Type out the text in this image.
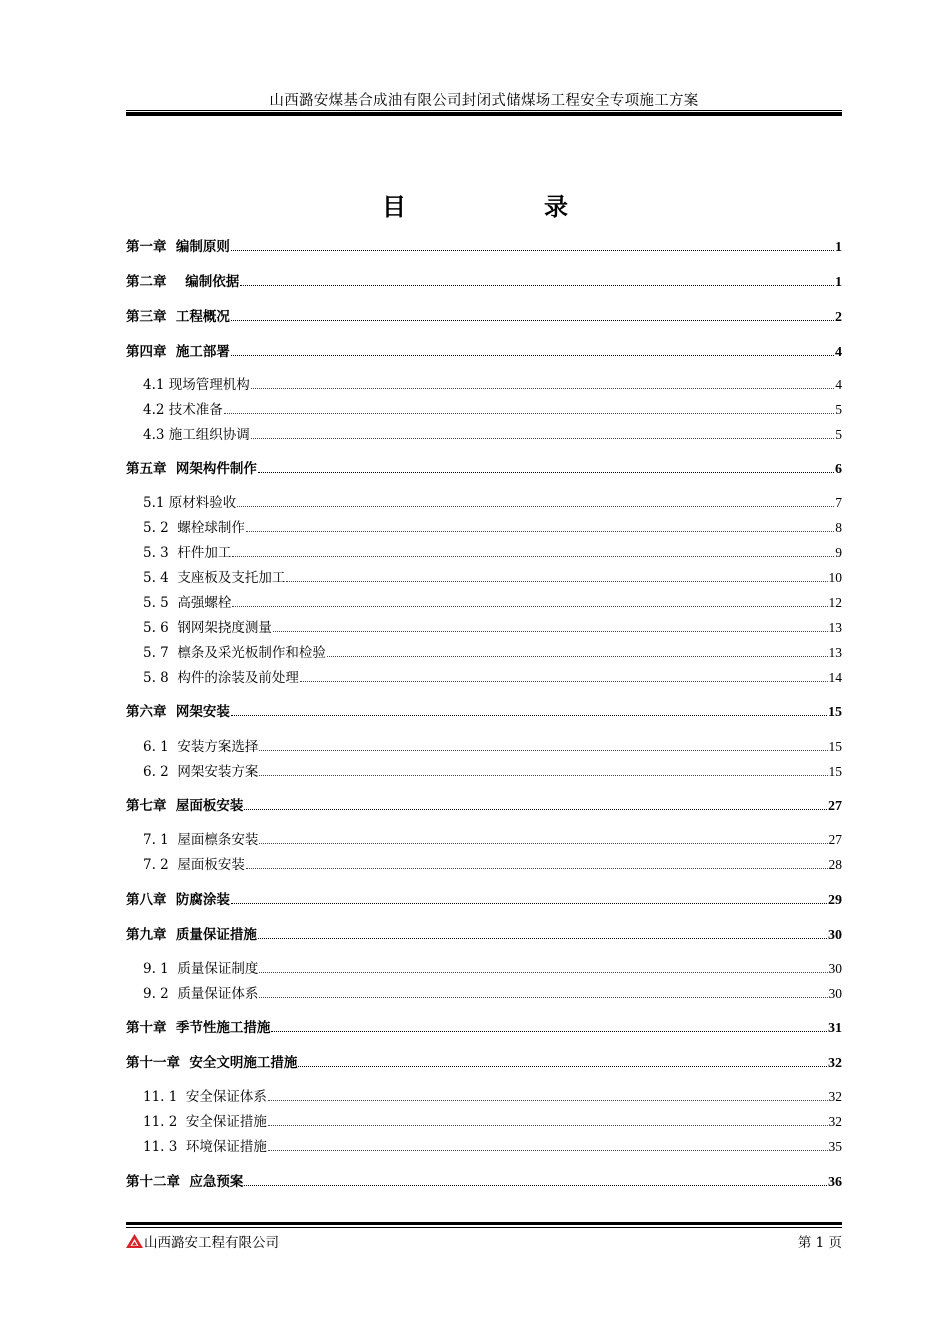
山西潞安煤基合成油有限公司封闭式储煤场工程安全专项施工方案
目	录
第一章  编制原则	1
第二章    编制依据	1
第三章  工程概况	2
第四章  施工部署	4
4.1 现场管理机构	4
4.2 技术准备	5
4.3 施工组织协调	5
第五章  网架构件制作	6
5.1 原材料验收	7
5. 2  螺栓球制作	8
5. 3  杆件加工	9
5. 4  支座板及支托加工	10
5. 5  高强螺栓	12
5. 6  钢网架挠度测量	13
5. 7  檩条及采光板制作和检验	13
5. 8  构件的涂装及前处理	14
第六章  网架安装	15
6. 1  安装方案选择	15
6. 2  网架安装方案	15
第七章  屋面板安装	27
7. 1  屋面檩条安装	27
7. 2  屋面板安装	28
第八章  防腐涂装	29
第九章  质量保证措施	30
9. 1  质量保证制度	30
9. 2  质量保证体系	30
第十章  季节性施工措施	31
第十一章  安全文明施工措施	32
11. 1  安全保证体系	32
11. 2  安全保证措施	32
11. 3  环境保证措施	35
第十二章  应急预案	36
山西潞安工程有限公司	第 1 页
